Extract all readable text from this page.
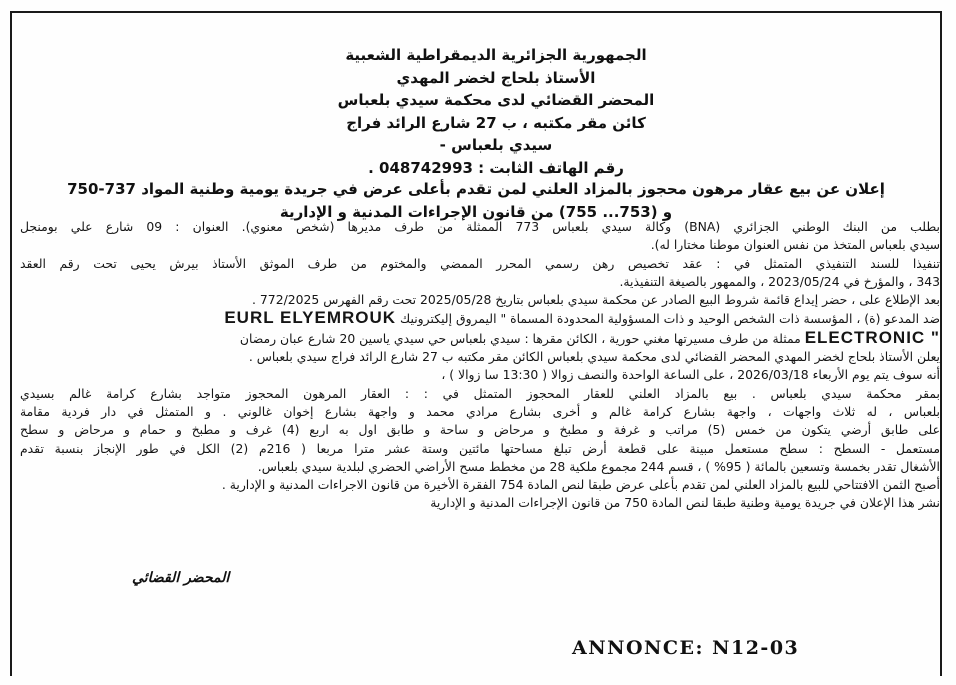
الجمهورية الجزائرية الديمقراطية الشعبية
الأستاذ بلحاج لخضر المهدي
المحضر القضائي لدى محكمة سيدي بلعباس
كائن مقر مكتبه ، ب 27 شارع الرائد فراج
سيدي بلعباس -
رقم الهاتف الثابت : 048742993 .
إعلان عن بيع عقار مرهون محجوز بالمزاد العلني لمن تقدم بأعلى عرض في جريدة يومية وطنية المواد 737-750
و (753... 755) من قانون الإجراءات المدنية و الإدارية
بطلب من البنك الوطني الجزائري (BNA) وكالة سيدي بلعباس 773 الممثلة من طرف مديرها (شخص معنوي). العنوان : 09 شارع علي بومنجل
سيدي بلعباس المتخذ من نفس العنوان موطنا مختارا له).
تنفيذا للسند التنفيذي المتمثل في : عقد تخصيص رهن رسمي المحرر الممضي والمختوم من طرف الموثق الأستاذ بيرش يحيى تحت رقم العقد
343 ، والمؤرخ في 2023/05/24 ، والممهور بالصيغة التنفيذية.
بعد الإطلاع على ، حضر إيداع قائمة شروط البيع الصادر عن محكمة سيدي بلعباس بتاريخ 2025/05/28 تحت رقم الفهرس 772/2025 .
ضد المدعو (ة) ، المؤسسة ذات الشخص الوحيد و ذات المسؤولية المحدودة المسماة " اليمروق إليكترونيك EURL ELYEMROUK
ELECTRONIC " ممثلة من طرف مسيرتها مغني حورية ، الكائن مقرها : سيدي بلعباس حي سيدي ياسين 20 شارع عبان رمضان
يعلن الأستاذ بلحاج لخضر المهدي المحضر القضائي لدى محكمة سيدي بلعباس الكائن مقر مكتبه ب 27 شارع الرائد فراج سيدي بلعباس .
أنه سوف يتم يوم الأربعاء 2026/03/18 ، على الساعة الواحدة والنصف زوالا ( 13:30 سا زوالا ) ،
بمقر محكمة سيدي بلعباس . بيع بالمزاد العلني للعقار المحجوز المتمثل في : : العقار المرهون المحجوز متواجد بشارع كرامة غالم بسيدي
بلعباس ، له ثلاث واجهات ، واجهة بشارع كرامة غالم و أخرى بشارع مرادي محمد و واجهة بشارع إخوان غالوني . و المتمثل في دار فردية مقامة
على طابق أرضي يتكون من خمس (5) مراتب و غرفة و مطبخ و مرحاض و ساحة و طابق اول به اربع (4) غرف و مطبخ و حمام و مرحاض و سطح
مستعمل - السطح : سطح مستعمل مبينة على قطعة أرض تبلغ مساحتها مائتين وستة عشر مترا مربعا ( 216م (2) الكل في طور الإنجاز بنسبة تقدم
الأشغال تقدر بخمسة وتسعين بالمائة ( 95% ) ، قسم 244 مجموع ملكية 28 من مخطط مسح الأراضي الحضري لبلدية سيدي بلعباس.
أصبح الثمن الافتتاحي للبيع بالمزاد العلني لمن تقدم بأعلى عرض طبقا لنص المادة 754 الفقرة الأخيرة من قانون الاجراءات المدنية و الإدارية .
نشر هذا الإعلان في جريدة يومية وطنية طبقا لنص المادة 750 من قانون الإجراءات المدنية و الإدارية
المحضر القضائي
ANNONCE: N12-03
